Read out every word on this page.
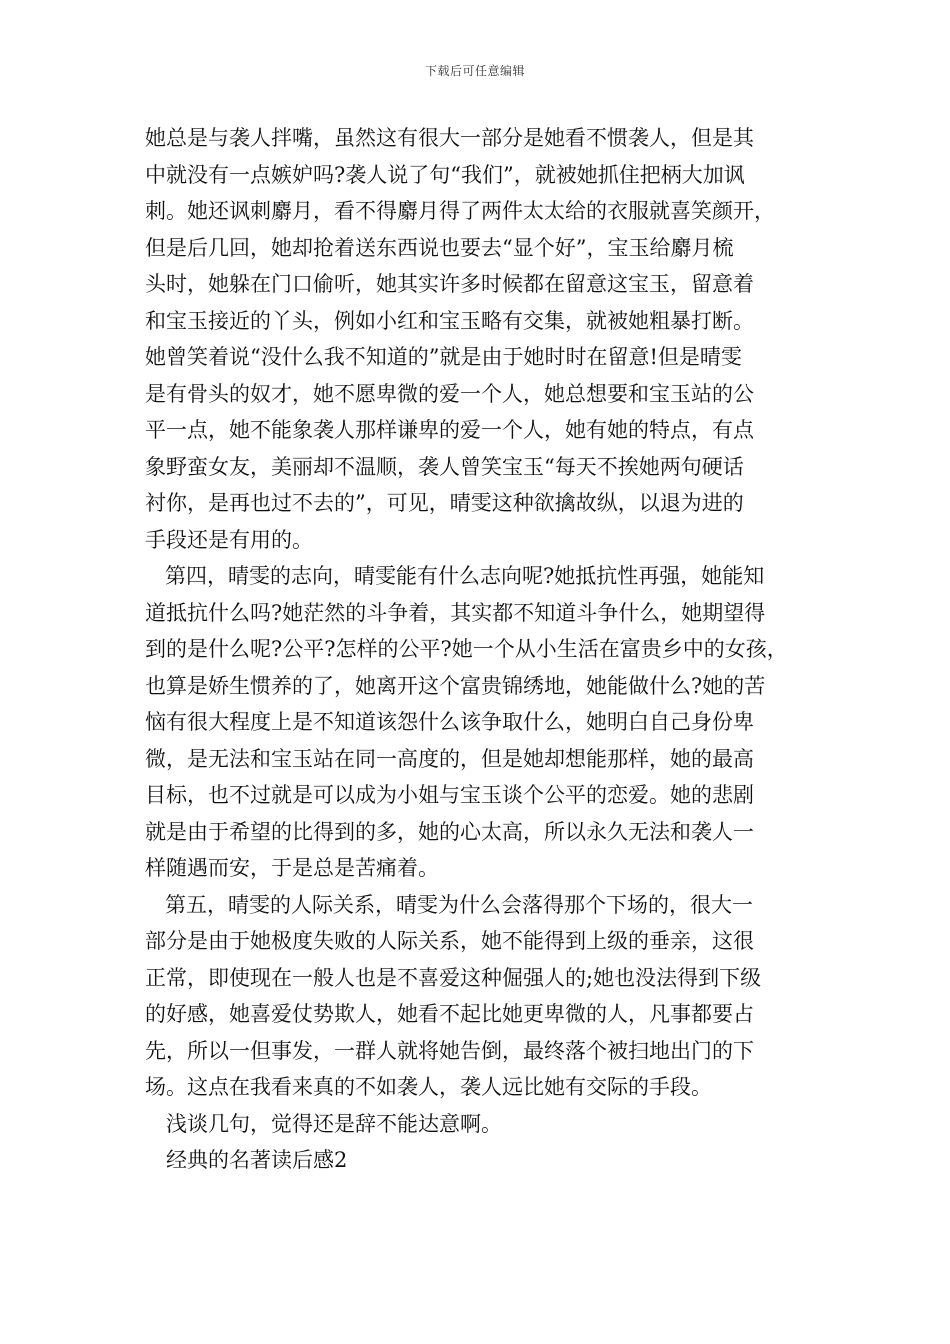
下载后可任意编辑
她总是与袭人拌嘴，虽然这有很大一部分是她看不惯袭人，但是其
中就没有一点嫉妒吗?袭人说了句“我们”，就被她抓住把柄大加讽
刺。她还讽刺麝月，看不得麝月得了两件太太给的衣服就喜笑颜开，
但是后几回，她却抢着送东西说也要去“显个好”，宝玉给麝月梳
头时，她躲在门口偷听，她其实许多时候都在留意这宝玉，留意着
和宝玉接近的丫头，例如小红和宝玉略有交集，就被她粗暴打断。
她曾笑着说“没什么我不知道的”就是由于她时时在留意!但是晴雯
是有骨头的奴才，她不愿卑微的爱一个人，她总想要和宝玉站的公
平一点，她不能象袭人那样谦卑的爱一个人，她有她的特点，有点
象野蛮女友，美丽却不温顺，袭人曾笑宝玉“每天不挨她两句硬话
衬你，是再也过不去的”，可见，晴雯这种欲擒故纵，以退为进的
手段还是有用的。
第四，晴雯的志向，晴雯能有什么志向呢?她抵抗性再强，她能知
道抵抗什么吗?她茫然的斗争着，其实都不知道斗争什么，她期望得
到的是什么呢?公平?怎样的公平?她一个从小生活在富贵乡中的女孩，
也算是娇生惯养的了，她离开这个富贵锦绣地，她能做什么?她的苦
恼有很大程度上是不知道该怨什么该争取什么，她明白自己身份卑
微，是无法和宝玉站在同一高度的，但是她却想能那样，她的最高
目标，也不过就是可以成为小姐与宝玉谈个公平的恋爱。她的悲剧
就是由于希望的比得到的多，她的心太高，所以永久无法和袭人一
样随遇而安，于是总是苦痛着。
第五，晴雯的人际关系，晴雯为什么会落得那个下场的，很大一
部分是由于她极度失败的人际关系，她不能得到上级的垂亲，这很
正常，即使现在一般人也是不喜爱这种倔强人的;她也没法得到下级
的好感，她喜爱仗势欺人，她看不起比她更卑微的人，凡事都要占
先，所以一但事发，一群人就将她告倒，最终落个被扫地出门的下
场。这点在我看来真的不如袭人，袭人远比她有交际的手段。
浅谈几句，觉得还是辞不能达意啊。
经典的名著读后感2
